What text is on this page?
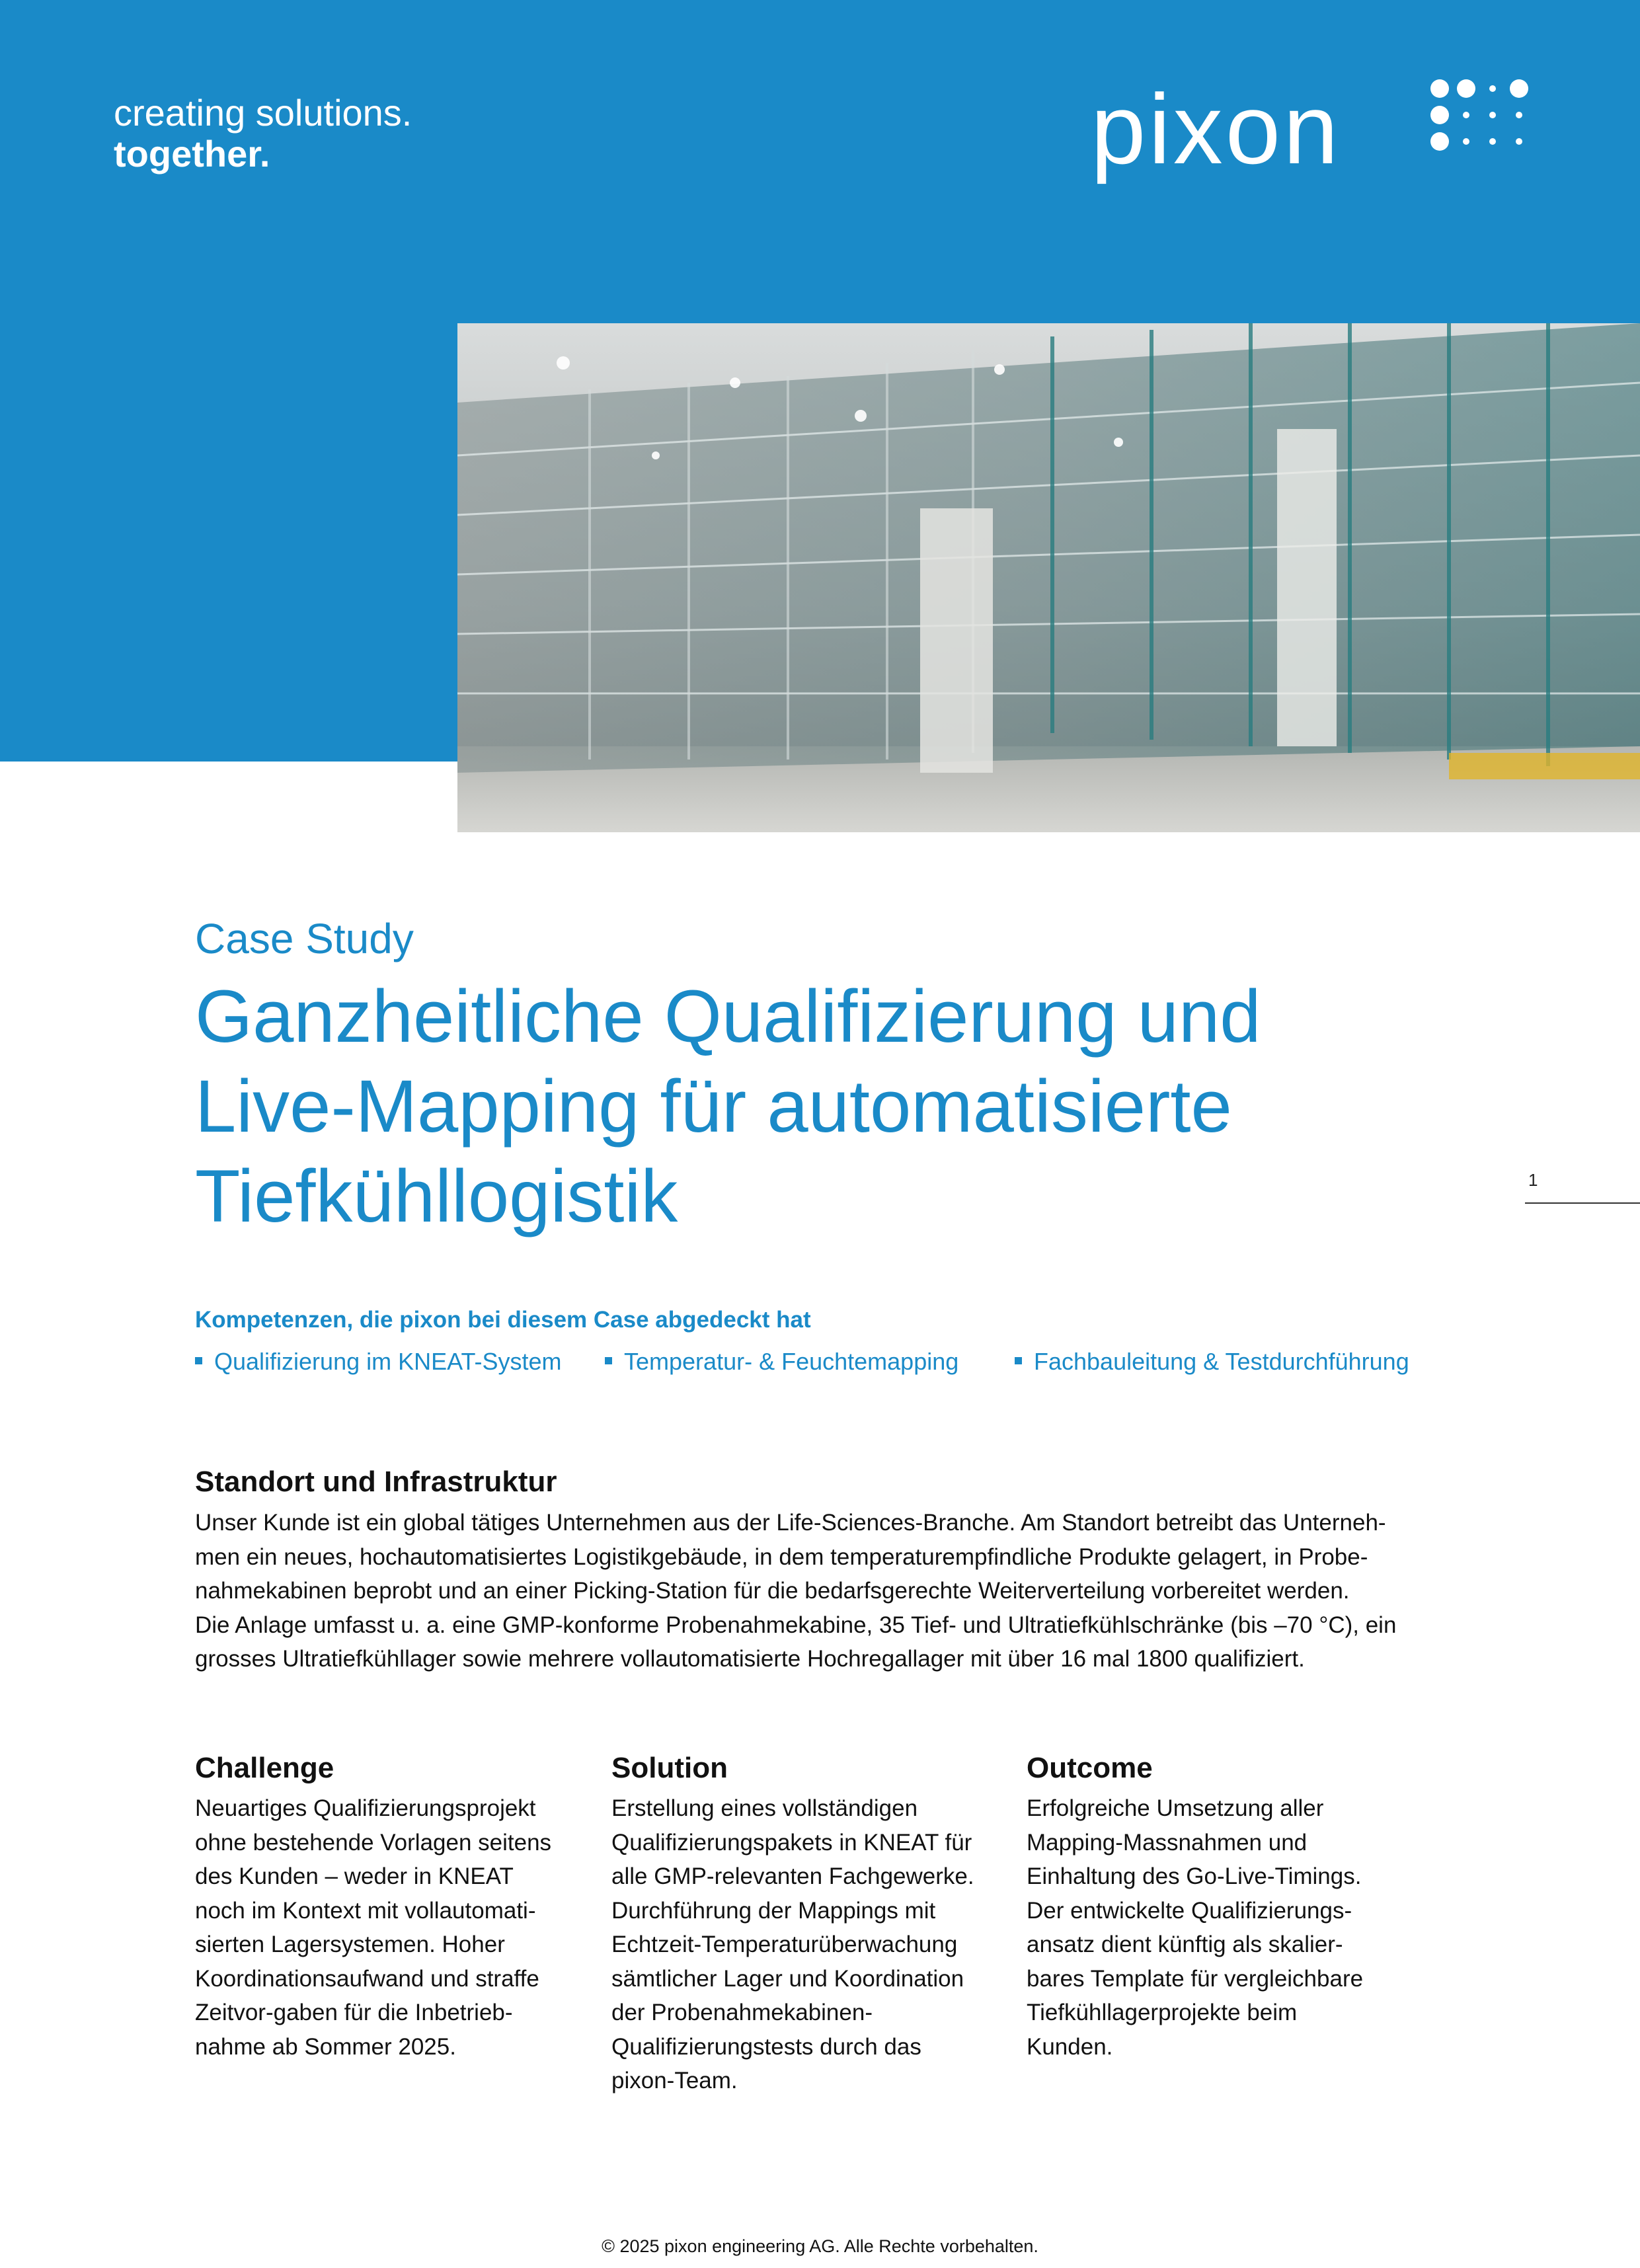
creating solutions.
together.	pixon
Case Study
Ganzheitliche Qualifizierung und
Live-Mapping für automatisierte
Tiefkühllogistik	1
Kompetenzen, die pixon bei diesem Case abgedeckt hat
Qualifizierung im KNEAT-System	Temperatur- & Feuchtemapping	Fachbauleitung & Testdurchführung
Standort und Infrastruktur
Unser Kunde ist ein global tätiges Unternehmen aus der Life-Sciences-Branche. Am Standort betreibt das Unterneh-
men ein neues, hochautomatisiertes Logistikgebäude, in dem temperaturempfindliche Produkte gelagert, in Probe-
nahmekabinen beprobt und an einer Picking-Station für die bedarfsgerechte Weiterverteilung vorbereitet werden.
Die Anlage umfasst u. a. eine GMP-konforme Probenahmekabine, 35 Tief- und Ultratiefkühlschränke (bis –70 °C), ein
grosses Ultratiefkühllager sowie mehrere vollautomatisierte Hochregallager mit über 16 mal 1800 qualifiziert.
Challenge
Neuartiges Qualifizierungsprojekt
ohne bestehende Vorlagen seitens
des Kunden – weder in KNEAT
noch im Kontext mit vollautomati-
sierten Lagersystemen. Hoher
Koordinationsaufwand und straffe
Zeitvor-gaben für die Inbetrieb-
nahme ab Sommer 2025.
Solution
Erstellung eines vollständigen
Qualifizierungspakets in KNEAT für
alle GMP-relevanten Fachgewerke.
Durchführung der Mappings mit
Echtzeit-Temperaturüberwachung
sämtlicher Lager und Koordination
der Probenahmekabinen-
Qualifizierungstests durch das
pixon-Team.
Outcome
Erfolgreiche Umsetzung aller
Mapping-Massnahmen und
Einhaltung des Go-Live-Timings.
Der entwickelte Qualifizierungs-
ansatz dient künftig als skalier-
bares Template für vergleichbare
Tiefkühllagerprojekte beim
Kunden.
© 2025 pixon engineering AG. Alle Rechte vorbehalten.
